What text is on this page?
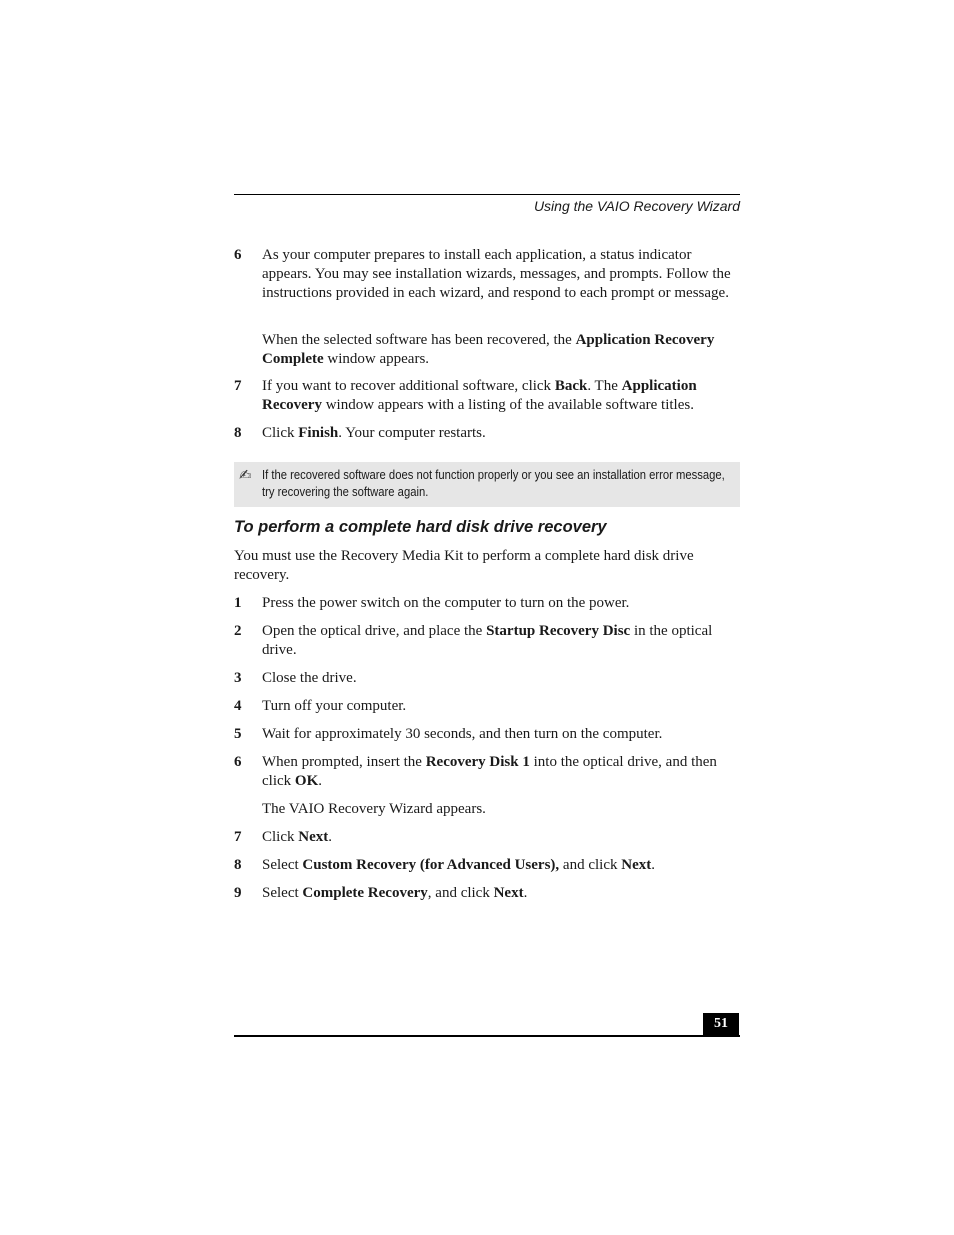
Using the VAIO Recovery Wizard
6 As your computer prepares to install each application, a status indicator appears. You may see installation wizards, messages, and prompts. Follow the instructions provided in each wizard, and respond to each prompt or message.
When the selected software has been recovered, the Application Recovery Complete window appears.
7 If you want to recover additional software, click Back. The Application Recovery window appears with a listing of the available software titles.
8 Click Finish. Your computer restarts.
✍ If the recovered software does not function properly or you see an installation error message, try recovering the software again.
To perform a complete hard disk drive recovery
You must use the Recovery Media Kit to perform a complete hard disk drive recovery.
1 Press the power switch on the computer to turn on the power.
2 Open the optical drive, and place the Startup Recovery Disc in the optical drive.
3 Close the drive.
4 Turn off your computer.
5 Wait for approximately 30 seconds, and then turn on the computer.
6 When prompted, insert the Recovery Disk 1 into the optical drive, and then click OK.
The VAIO Recovery Wizard appears.
7 Click Next.
8 Select Custom Recovery (for Advanced Users), and click Next.
9 Select Complete Recovery, and click Next.
51
